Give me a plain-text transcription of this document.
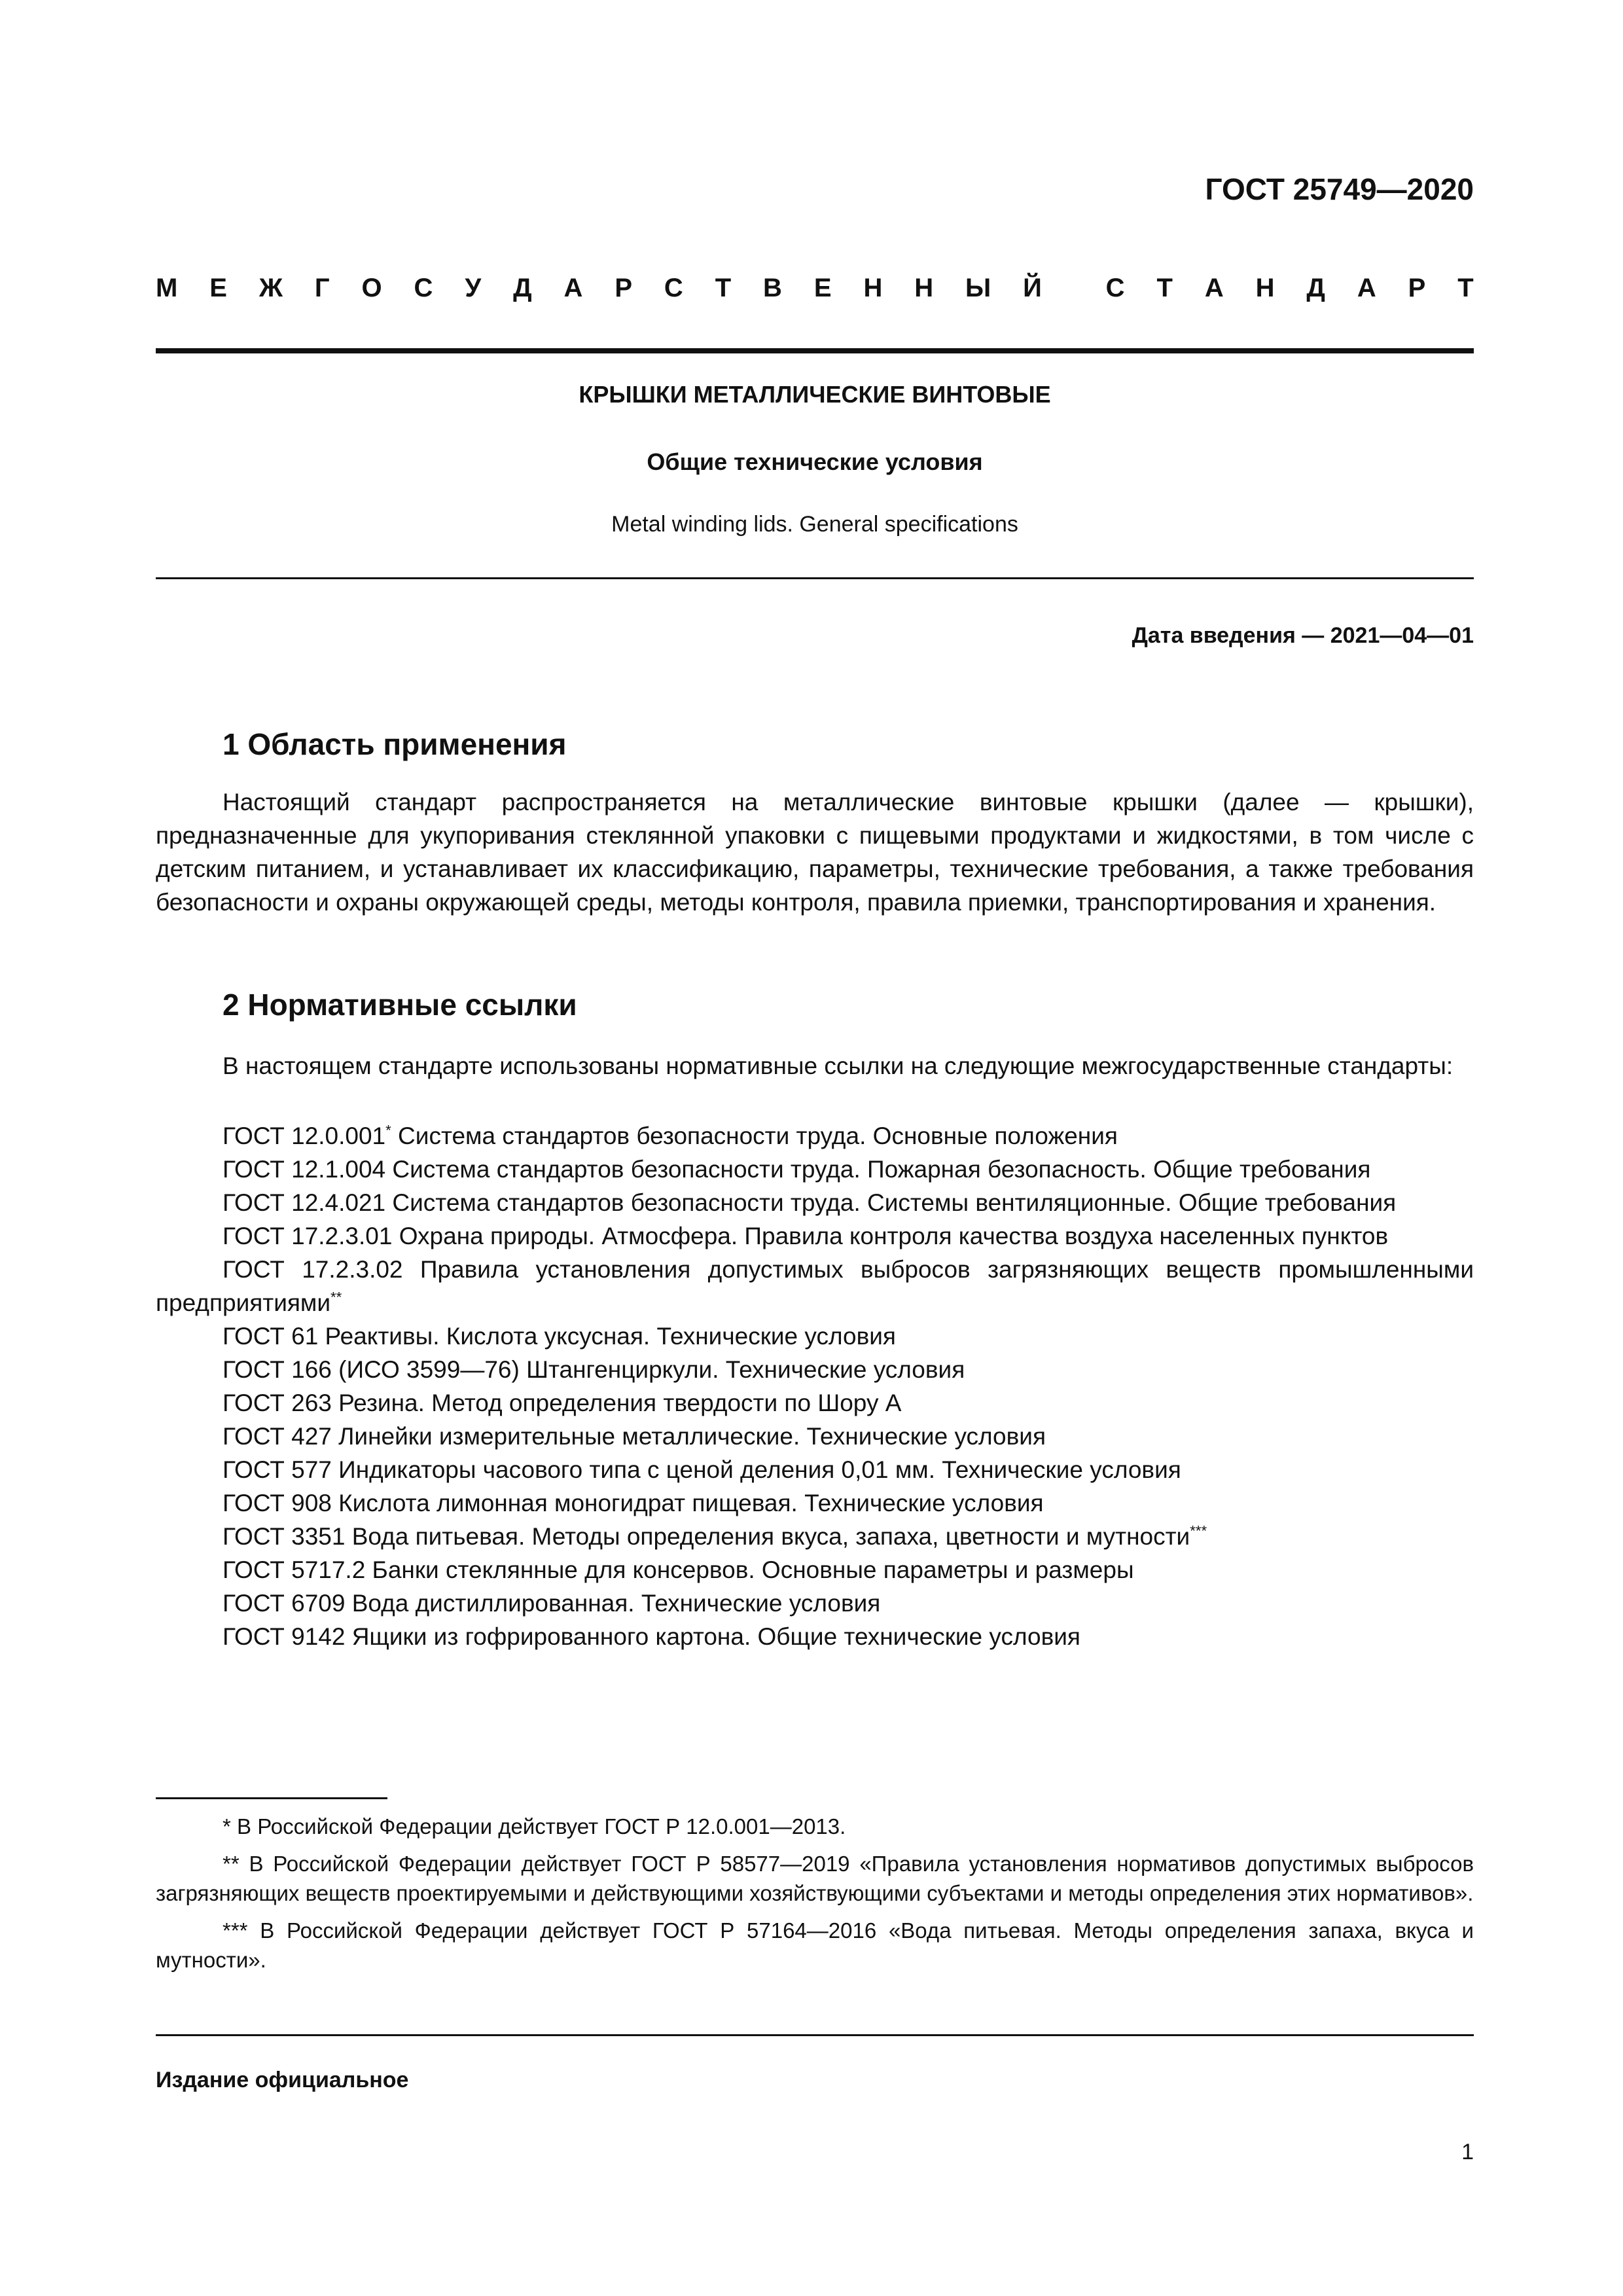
ГОСТ 25749—2020
М Е Ж Г О С У Д А Р С Т В Е Н Н Ы Й С Т А Н Д А Р Т
КРЫШКИ МЕТАЛЛИЧЕСКИЕ ВИНТОВЫЕ
Общие технические условия
Metal winding lids. General specifications
Дата введения — 2021—04—01
1 Область применения
Настоящий стандарт распространяется на металлические винтовые крышки (далее — крышки), предназначенные для укупоривания стеклянной упаковки с пищевыми продуктами и жидкостями, в том числе с детским питанием, и устанавливает их классификацию, параметры, технические требования, а также требования безопасности и охраны окружающей среды, методы контроля, правила приемки, транспортирования и хранения.
2 Нормативные ссылки
В настоящем стандарте использованы нормативные ссылки на следующие межгосударственные стандарты:
ГОСТ 12.0.001* Система стандартов безопасности труда. Основные положения
ГОСТ 12.1.004 Система стандартов безопасности труда. Пожарная безопасность. Общие требования
ГОСТ 12.4.021 Система стандартов безопасности труда. Системы вентиляционные. Общие требования
ГОСТ 17.2.3.01 Охрана природы. Атмосфера. Правила контроля качества воздуха населенных пунктов
ГОСТ 17.2.3.02 Правила установления допустимых выбросов загрязняющих веществ промышленными предприятиями**
ГОСТ 61 Реактивы. Кислота уксусная. Технические условия
ГОСТ 166 (ИСО 3599—76) Штангенциркули. Технические условия
ГОСТ 263 Резина. Метод определения твердости по Шору А
ГОСТ 427 Линейки измерительные металлические. Технические условия
ГОСТ 577 Индикаторы часового типа с ценой деления 0,01 мм. Технические условия
ГОСТ 908 Кислота лимонная моногидрат пищевая. Технические условия
ГОСТ 3351 Вода питьевая. Методы определения вкуса, запаха, цветности и мутности***
ГОСТ 5717.2 Банки стеклянные для консервов. Основные параметры и размеры
ГОСТ 6709 Вода дистиллированная. Технические условия
ГОСТ 9142 Ящики из гофрированного картона. Общие технические условия
* В Российской Федерации действует ГОСТ Р 12.0.001—2013.
** В Российской Федерации действует ГОСТ Р 58577—2019 «Правила установления нормативов допустимых выбросов загрязняющих веществ проектируемыми и действующими хозяйствующими субъектами и методы определения этих нормативов».
*** В Российской Федерации действует ГОСТ Р 57164—2016 «Вода питьевая. Методы определения запаха, вкуса и мутности».
Издание официальное
1
